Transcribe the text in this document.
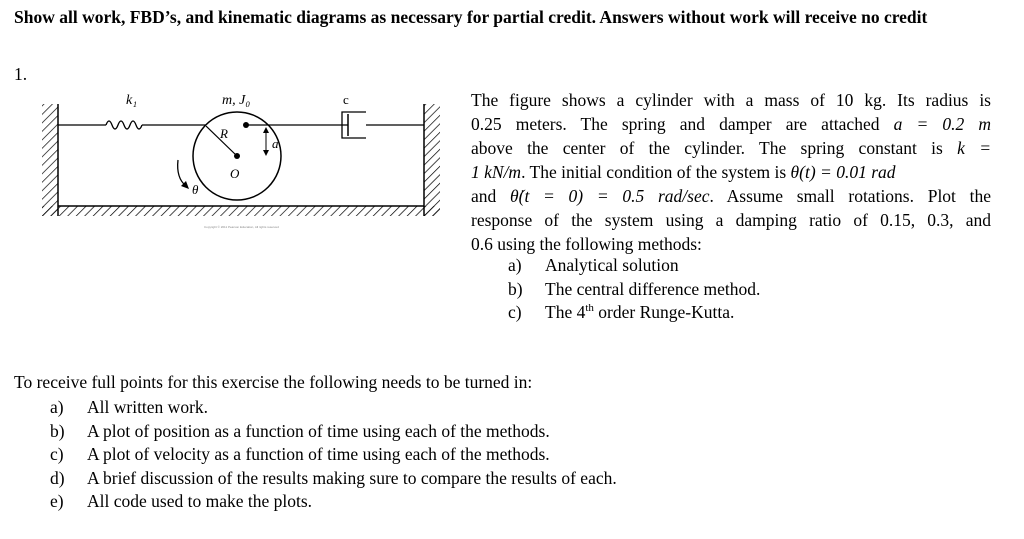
Show all work, FBD’s, and kinematic diagrams as necessary for partial credit. Answers without work will receive no credit
1.
k₁
R
O
a
m, J₀	c
θ
Copyright © 2011 Pearson Education, All rights reserved
The figure shows a cylinder with a mass of 10 kg. Its radius is
0.25 meters. The spring and damper are attached a = 0.2 m
above the center of the cylinder. The spring constant is k =
1 kN/m. The initial condition of the system is θ(t) = 0.01 rad
and θ̇(t = 0) = 0.5 rad/sec. Assume small rotations. Plot the
response of the system using a damping ratio of 0.15, 0.3, and
0.6 using the following methods:
a) Analytical solution
b) The central difference method.
c) The 4th order Runge-Kutta.
To receive full points for this exercise the following needs to be turned in:
a) All written work.
b) A plot of position as a function of time using each of the methods.
c) A plot of velocity as a function of time using each of the methods.
d) A brief discussion of the results making sure to compare the results of each.
e) All code used to make the plots.
